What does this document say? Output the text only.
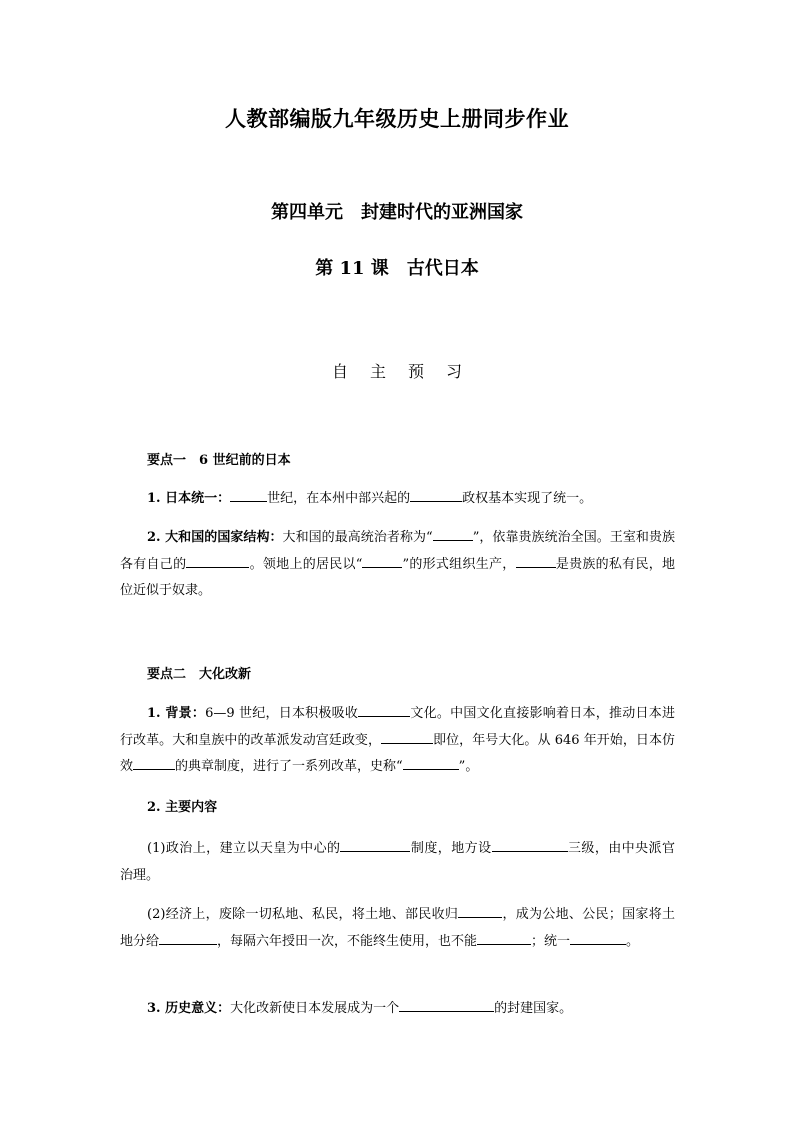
人教部编版九年级历史上册同步作业
第四单元　封建时代的亚洲国家
第 11 课　古代日本
自主预习
要点一　6 世纪前的日本
1. 日本统一：	世纪，在本州中部兴起的	政权基本实现了统一。
2. 大和国的国家结构：大和国的最高统治者称为“	”，依靠贵族统治全国。王室和贵族各有自己的	。领地上的居民以“	”的形式组织生产，	是贵族的私有民，地位近似于奴隶。
要点二　大化改新
1. 背景：6—9 世纪，日本积极吸收	文化。中国文化直接影响着日本，推动日本进行改革。大和皇族中的改革派发动宫廷政变，	即位，年号大化。从 646 年开始，日本仿效	的典章制度，进行了一系列改革，史称“	”。
2. 主要内容
(1)政治上，建立以天皇为中心的	制度，地方设	三级，由中央派官治理。
(2)经济上，废除一切私地、私民，将土地、部民收归	，成为公地、公民；国家将土地分给	，每隔六年授田一次，不能终生使用，也不能	；统一	。
3. 历史意义：大化改新使日本发展成为一个	的封建国家。
